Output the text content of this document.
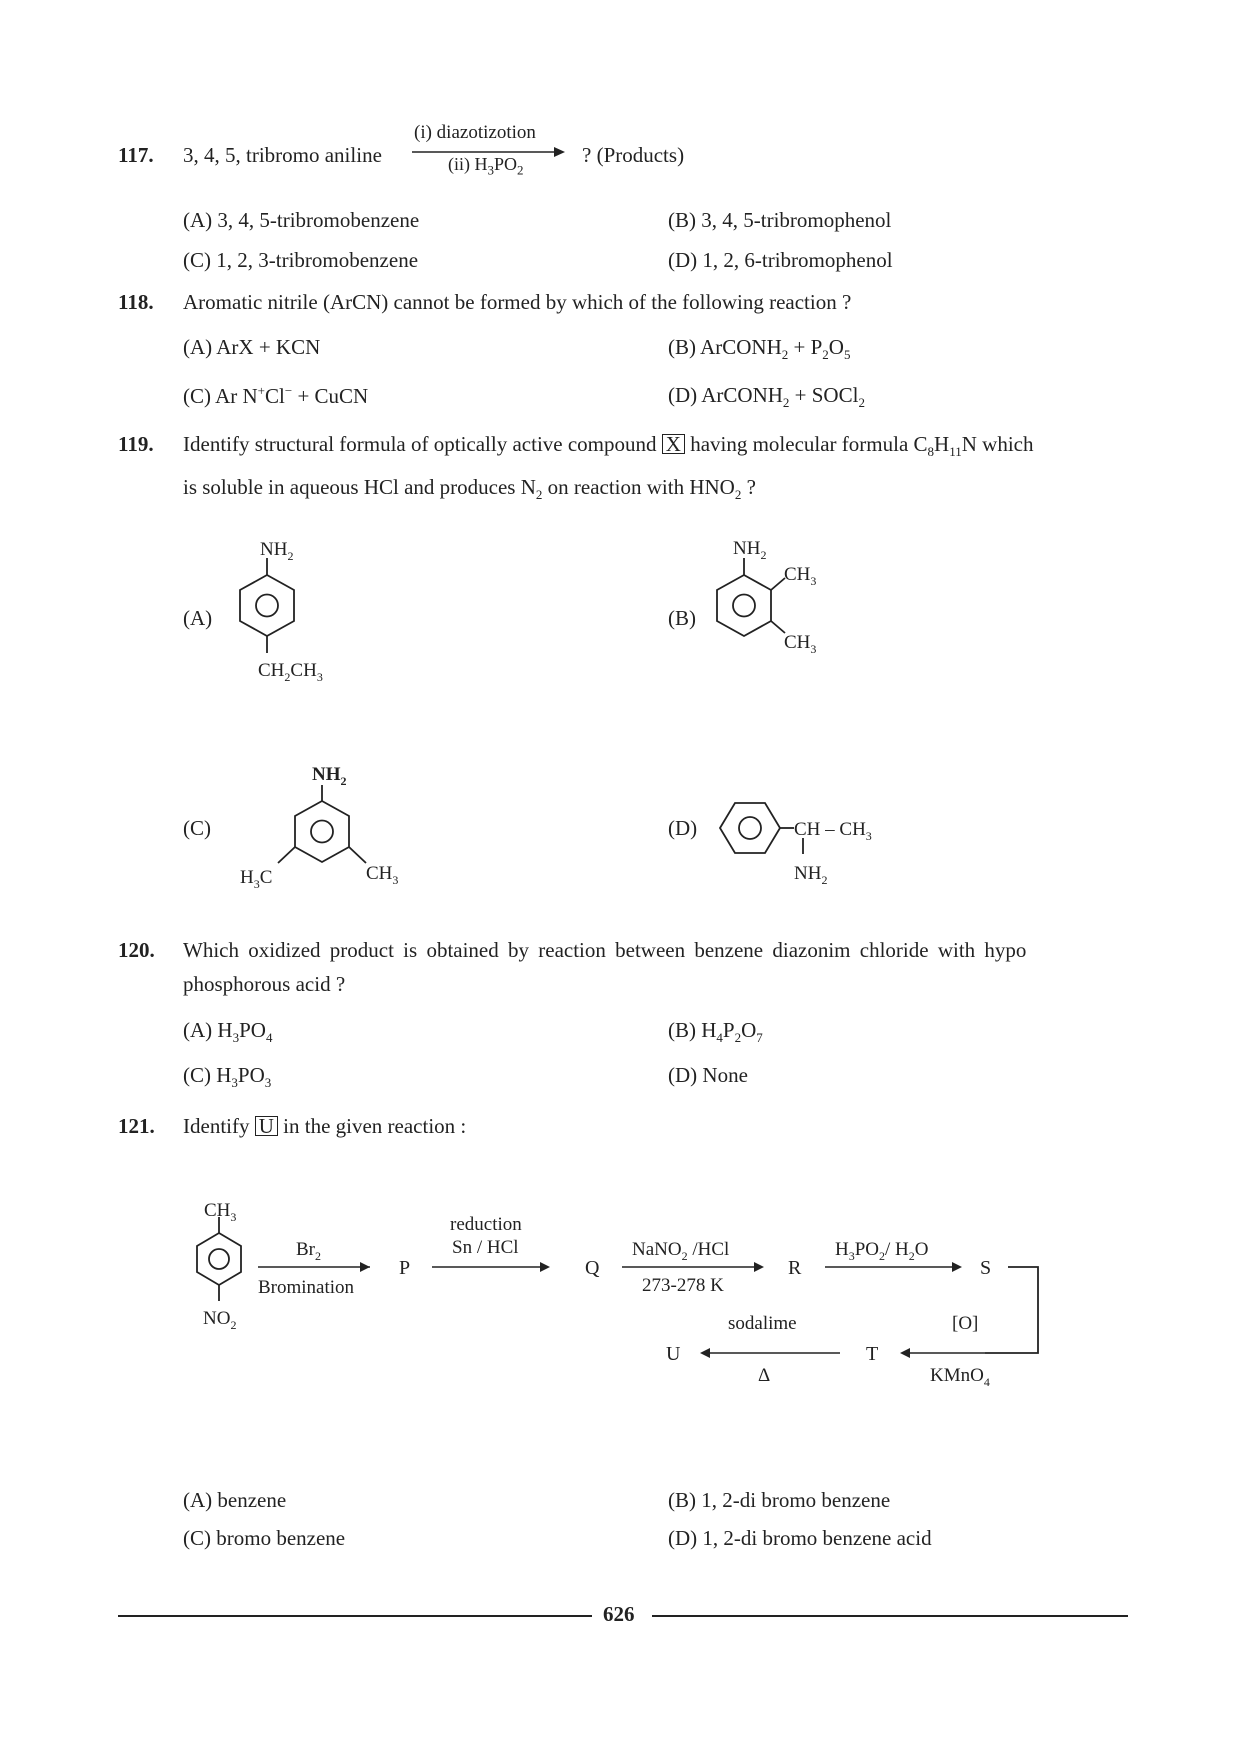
117. 3, 4, 5, tribromo aniline
(i) diazotizotion
(ii) $H_3PO_2$
? (Products)
(A) 3, 4, 5-tribromobenzene	(B) 3, 4, 5-tribromophenol
(C) 1, 2, 3-tribromobenzene	(D) 1, 2, 6-tribromophenol
118. Aromatic nitrile (ArCN) cannot be formed by which of the following reaction ?
(A) ArX + KCN	(B) ArCONH$_2$ + $P_2O_5$
(C) Ar N+Cl− + CuCN	(D) ArCONH$_2$ + SOCl$_2$
119. Identify structural formula of optically active compound X having molecular formula $C_8H_{11}N$ which
is soluble in aqueous HCl and produces $N_2$ on reaction with $HNO_2$ ?
(A)	(B)
(C)	(D)
$NH_2$
$CH_2CH_3$
$NH_2$
$CH_3$
$CH_3$
$NH_2$
$H_3C$	$CH_3$
CH – $CH_3$
$NH_2$
120. Which oxidized product is obtained by reaction between benzene diazonim chloride with hypo
phosphorous acid ?
(A) $H_3PO_4$	(B) $H_4P_2O_7$
(C) $H_3PO_3$	(D) None
121. Identify U in the given reaction :
$CH_3$
$NO_2$
$Br_2$
Bromination
P
reduction
Sn / HCl
Q
NaNO$_2$ /HCl
273-278 K
R
$H_3PO_2/$ $H_2O$
S
[O]
KMnO$_4$
T
sodalime
Δ
U
(A) benzene	(B) 1, 2-di bromo benzene
(C) bromo benzene	(D) 1, 2-di bromo benzene acid
626
